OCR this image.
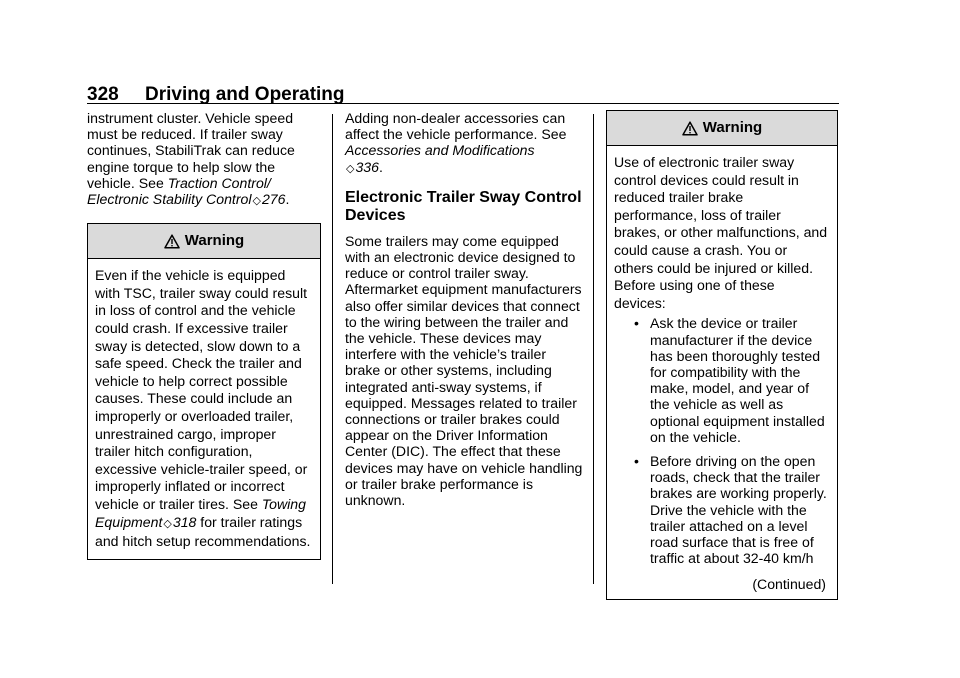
328 Driving and Operating

instrument cluster. Vehicle speed must be reduced. If trailer sway continues, StabiliTrak can reduce engine torque to help slow the vehicle. See Traction Control/ Electronic Stability Control◇276.

Warning

Even if the vehicle is equipped with TSC, trailer sway could result in loss of control and the vehicle could crash. If excessive trailer sway is detected, slow down to a safe speed. Check the trailer and vehicle to help correct possible causes. These could include an improperly or overloaded trailer, unrestrained cargo, improper trailer hitch configuration, excessive vehicle-trailer speed, or improperly inflated or incorrect vehicle or trailer tires. See Towing Equipment◇318 for trailer ratings and hitch setup recommendations.

Adding non-dealer accessories can affect the vehicle performance. See Accessories and Modifications
◇336.

Electronic Trailer Sway Control Devices

Some trailers may come equipped with an electronic device designed to reduce or control trailer sway. Aftermarket equipment manufacturers also offer similar devices that connect to the wiring between the trailer and the vehicle. These devices may interfere with the vehicle’s trailer brake or other systems, including integrated anti-sway systems, if equipped. Messages related to trailer connections or trailer brakes could appear on the Driver Information Center (DIC). The effect that these devices may have on vehicle handling or trailer brake performance is unknown.

Warning

Use of electronic trailer sway control devices could result in reduced trailer brake performance, loss of trailer brakes, or other malfunctions, and could cause a crash. You or others could be injured or killed. Before using one of these devices:

• Ask the device or trailer manufacturer if the device has been thoroughly tested for compatibility with the make, model, and year of the vehicle as well as optional equipment installed on the vehicle.
• Before driving on the open roads, check that the trailer brakes are working properly. Drive the vehicle with the trailer attached on a level road surface that is free of traffic at about 32-40 km/h
(Continued)
